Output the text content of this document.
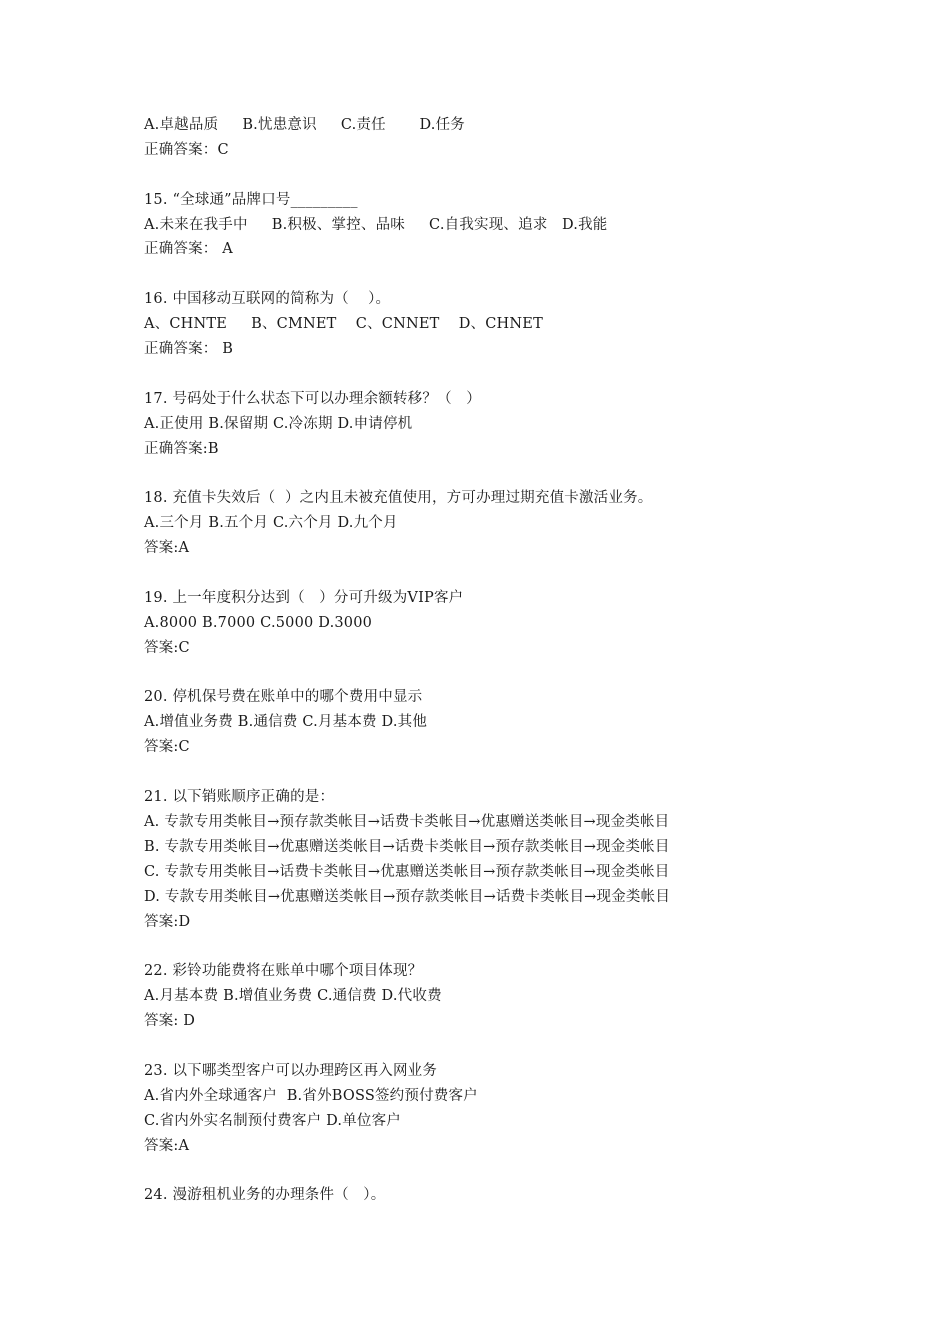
A.卓越品质     B.忧患意识     C.责任       D.任务
正确答案：C
15. “全球通”品牌口号_________
A.未来在我手中     B.积极、掌控、品味     C.自我实现、追求   D.我能
正确答案： A
16. 中国移动互联网的简称为（    ）。
A、CHNTE     B、CMNET    C、CNNET    D、CHNET
正确答案： B
17. 号码处于什么状态下可以办理余额转移？（   ）
A.正使用 B.保留期 C.冷冻期 D.申请停机
正确答案:B
18. 充值卡失效后（  ）之内且未被充值使用，方可办理过期充值卡激活业务。
A.三个月 B.五个月 C.六个月 D.九个月
答案:A
19. 上一年度积分达到（   ）分可升级为VIP客户
A.8000 B.7000 C.5000 D.3000
答案:C
20. 停机保号费在账单中的哪个费用中显示
A.增值业务费 B.通信费 C.月基本费 D.其他
答案:C
21. 以下销账顺序正确的是：
A. 专款专用类帐目→预存款类帐目→话费卡类帐目→优惠赠送类帐目→现金类帐目
B. 专款专用类帐目→优惠赠送类帐目→话费卡类帐目→预存款类帐目→现金类帐目
C. 专款专用类帐目→话费卡类帐目→优惠赠送类帐目→预存款类帐目→现金类帐目
D. 专款专用类帐目→优惠赠送类帐目→预存款类帐目→话费卡类帐目→现金类帐目
答案:D
22. 彩铃功能费将在账单中哪个项目体现？
A.月基本费 B.增值业务费 C.通信费 D.代收费
答案: D
23. 以下哪类型客户可以办理跨区再入网业务
A.省内外全球通客户  B.省外BOSS签约预付费客户
C.省内外实名制预付费客户 D.单位客户
答案:A
24. 漫游租机业务的办理条件（   ）。
